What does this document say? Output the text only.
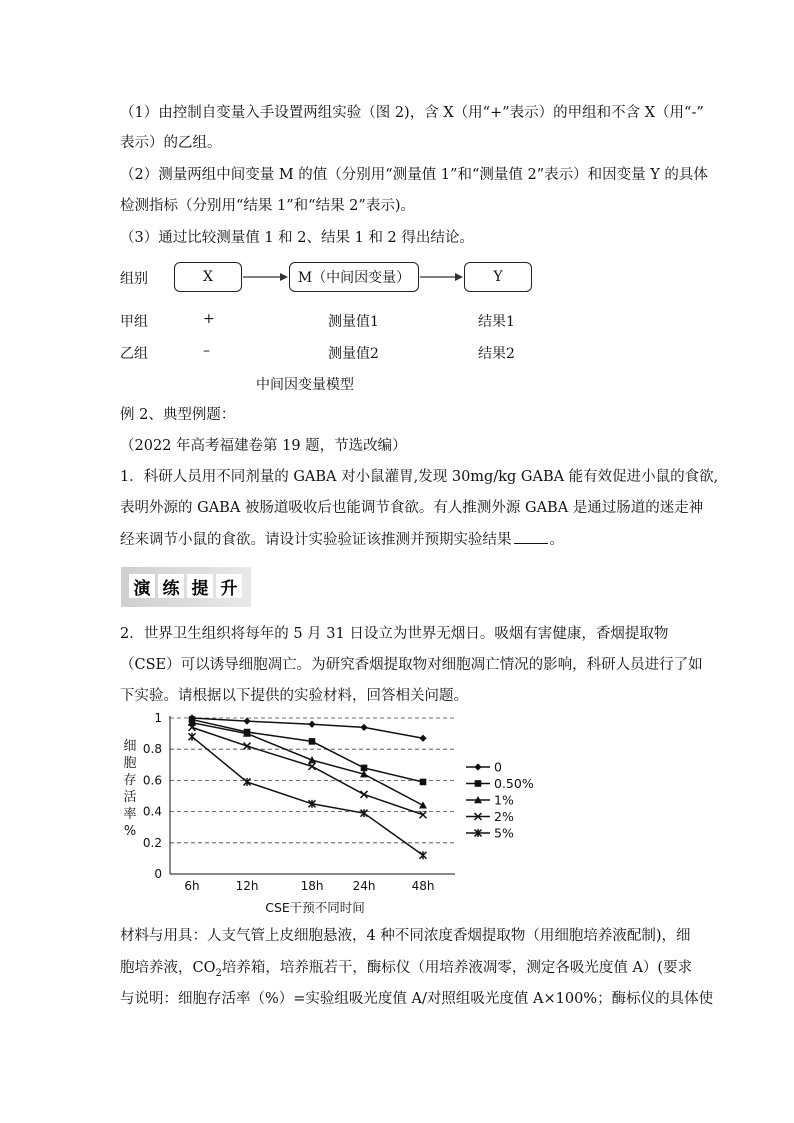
（1）由控制自变量入手设置两组实验（图 2)，含 X（用“+”表示）的甲组和不含 X（用“-”
表示）的乙组。
（2）测量两组中间变量 M 的值（分别用“测量值 1”和“测量值 2”表示）和因变量 Y 的具体
检测指标（分别用“结果 1”和“结果 2”表示)。
（3）通过比较测量值 1 和 2、结果 1 和 2 得出结论。
组别	X	M（中间因变量）	Y
甲组	+	测量值1	结果1
乙组	–	测量值2	结果2
中间因变量模型
例 2、典型例题：
（2022 年高考福建卷第 19 题，节选改编）
1．科研人员用不同剂量的 GABA 对小鼠灌胃,发现 30mg/kg GABA 能有效促进小鼠的食欲,
表明外源的 GABA 被肠道吸收后也能调节食欲。有人推测外源 GABA 是通过肠道的迷走神
经来调节小鼠的食欲。请设计实验验证该推测并预期实验结果	。
演 练 提 升
2．世界卫生组织将每年的 5 月 31 日设立为世界无烟日。吸烟有害健康，香烟提取物
（CSE）可以诱导细胞凋亡。为研究香烟提取物对细胞凋亡情况的影响，科研人员进行了如
下实验。请根据以下提供的实验材料，回答相关问题。
0
0.2
0.4
0.6
0.8
1
6h	12h	18h 24h	48h
CSE干预不同时间
细
胞
存
活
率
%
0
0.50%
1%
2%
5%
材料与用具：人支气管上皮细胞悬液，4 种不同浓度香烟提取物（用细胞培养液配制)，细
胞培养液，$CO_2$培养箱，培养瓶若干，酶标仪（用培养液凋零，测定各吸光度值 A）(要求
与说明：细胞存活率（%）=实验组吸光度值 A/对照组吸光度值 A×100%；酶标仪的具体使
